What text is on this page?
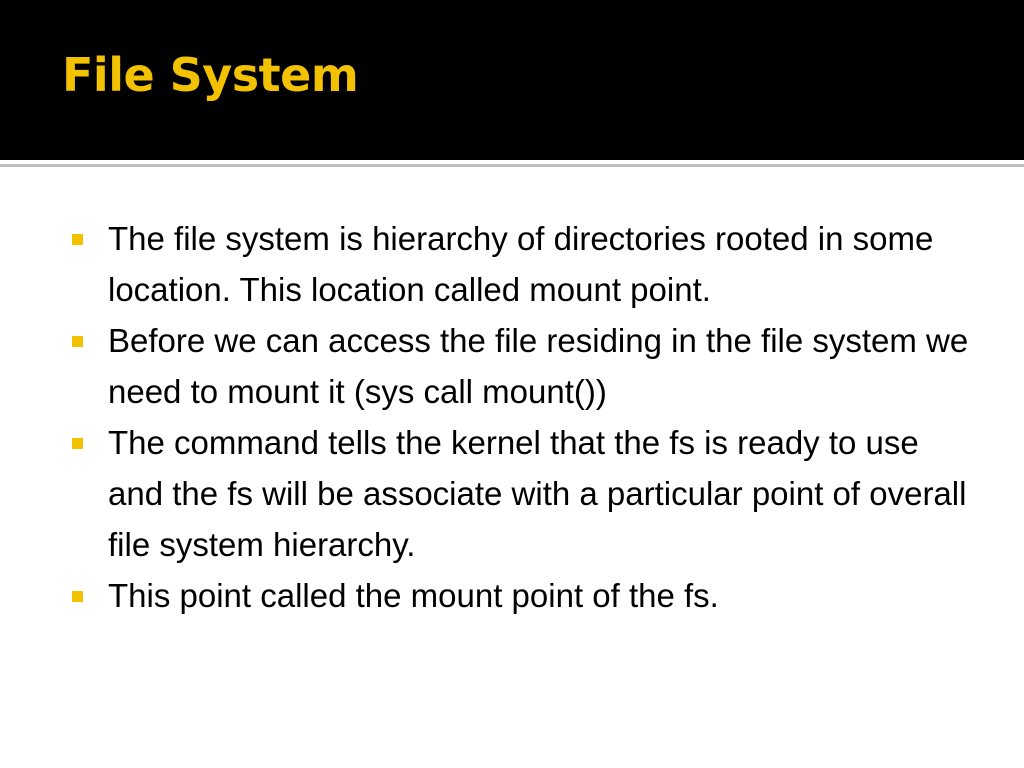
File System
The file system is hierarchy of directories rooted in some location. This location called mount point.
Before we can access the file residing in the file system we need to mount it (sys call mount())
The command tells the kernel that the fs is ready to use and the fs will be associate with a particular point of overall file system hierarchy.
This point called the mount point of the fs.
